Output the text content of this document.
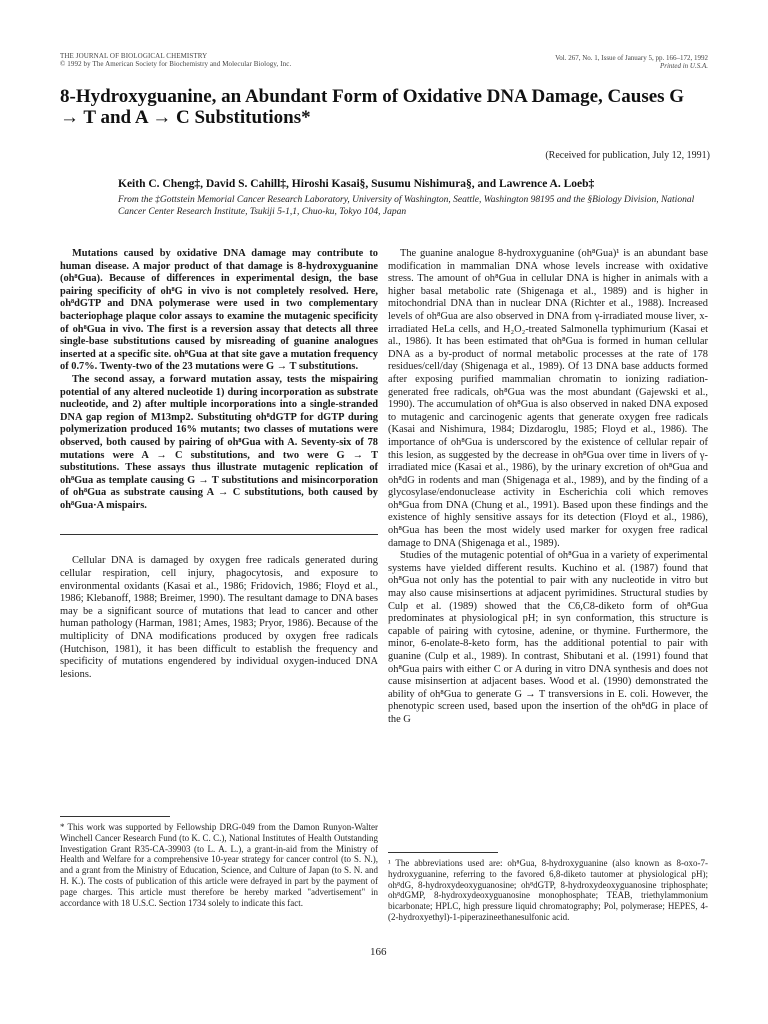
THE JOURNAL OF BIOLOGICAL CHEMISTRY
© 1992 by The American Society for Biochemistry and Molecular Biology, Inc.
Vol. 267, No. 1, Issue of January 5, pp. 166–172, 1992
Printed in U.S.A.
8-Hydroxyguanine, an Abundant Form of Oxidative DNA Damage, Causes G → T and A → C Substitutions*
(Received for publication, July 12, 1991)
Keith C. Cheng‡, David S. Cahill‡, Hiroshi Kasai§, Susumu Nishimura§, and Lawrence A. Loeb‡
From the ‡Gottstein Memorial Cancer Research Laboratory, University of Washington, Seattle, Washington 98195 and the §Biology Division, National Cancer Center Research Institute, Tsukiji 5-1,1, Chuo-ku, Tokyo 104, Japan

Mutations caused by oxidative DNA damage may contribute to human disease. A major product of that damage is 8-hydroxyguanine (oh⁸Gua). Because of differences in experimental design, the base pairing specificity of oh⁸G in vivo is not completely resolved. Here, oh⁸dGTP and DNA polymerase were used in two complementary bacteriophage plaque color assays to examine the mutagenic specificity of oh⁸Gua in vivo. The first is a reversion assay that detects all three single-base substitutions caused by misreading of guanine analogues inserted at a specific site. oh⁸Gua at that site gave a mutation frequency of 0.7%. Twenty-two of the 23 mutations were G → T substitutions.

The second assay, a forward mutation assay, tests the mispairing potential of any altered nucleotide 1) during incorporation as substrate nucleotide, and 2) after multiple incorporations into a single-stranded DNA gap region of M13mp2. Substituting oh⁸dGTP for dGTP during polymerization produced 16% mutants; two classes of mutations were observed, both caused by pairing of oh⁸Gua with A. Seventy-six of 78 mutations were A → C substitutions, and two were G → T substitutions. These assays thus illustrate mutagenic replication of oh⁸Gua as template causing G → T substitutions and misincorporation of oh⁸Gua as substrate causing A → C substitutions, both caused by oh⁸Gua·A mispairs.

Cellular DNA is damaged by oxygen free radicals generated during cellular respiration, cell injury, phagocytosis, and exposure to environmental oxidants (Kasai et al., 1986; Fridovich, 1986; Floyd et al., 1986; Klebanoff, 1988; Breimer, 1990). The resultant damage to DNA bases may be a significant source of mutations that lead to cancer and other human pathology (Harman, 1981; Ames, 1983; Pryor, 1986). Because of the multiplicity of DNA modifications produced by oxygen free radicals (Hutchison, 1981), it has been difficult to establish the frequency and specificity of mutations engendered by individual oxygen-induced DNA lesions.

The guanine analogue 8-hydroxyguanine (oh⁸Gua)¹ is an abundant base modification in mammalian DNA whose levels increase with oxidative stress. The amount of oh⁸Gua in cellular DNA is higher in animals with a higher basal metabolic rate (Shigenaga et al., 1989) and is higher in mitochondrial DNA than in nuclear DNA (Richter et al., 1988). Increased levels of oh⁸Gua are also observed in DNA from γ-irradiated mouse liver, x-irradiated HeLa cells, and H₂O₂-treated Salmonella typhimurium (Kasai et al., 1986). It has been estimated that oh⁸Gua is formed in human cellular DNA as a by-product of normal metabolic processes at the rate of 178 residues/cell/day (Shigenaga et al., 1989). Of 13 DNA base adducts formed after exposing purified mammalian chromatin to ionizing radiation-generated free radicals, oh⁸Gua was the most abundant (Gajewski et al., 1990). The accumulation of oh⁸Gua is also observed in naked DNA exposed to mutagenic and carcinogenic agents that generate oxygen free radicals (Kasai and Nishimura, 1984; Dizdaroglu, 1985; Floyd et al., 1986). The importance of oh⁸Gua is underscored by the existence of cellular repair of this lesion, as suggested by the decrease in oh⁸Gua over time in livers of γ-irradiated mice (Kasai et al., 1986), by the urinary excretion of oh⁸Gua and oh⁸dG in rodents and man (Shigenaga et al., 1989), and by the finding of a glycosylase/endonuclease activity in Escherichia coli which removes oh⁸Gua from DNA (Chung et al., 1991). Based upon these findings and the existence of highly sensitive assays for its detection (Floyd et al., 1986), oh⁸Gua has been the most widely used marker for oxygen free radical damage to DNA (Shigenaga et al., 1989).

Studies of the mutagenic potential of oh⁸Gua in a variety of experimental systems have yielded different results. Kuchino et al. (1987) found that oh⁸Gua not only has the potential to pair with any nucleotide in vitro but may also cause misinsertions at adjacent pyrimidines. Structural studies by Culp et al. (1989) showed that the C6,C8-diketo form of oh⁸Gua predominates at physiological pH; in syn conformation, this structure is capable of pairing with cytosine, adenine, or thymine. Furthermore, the minor, 6-enolate-8-keto form, has the additional potential to pair with guanine (Culp et al., 1989). In contrast, Shibutani et al. (1991) found that oh⁸Gua pairs with either C or A during in vitro DNA synthesis and does not cause misinsertion at adjacent bases. Wood et al. (1990) demonstrated the ability of oh⁸Gua to generate G → T transversions in E. coli. However, the phenotypic screen used, based upon the insertion of the oh⁸dG in place of the G

* This work was supported by Fellowship DRG-049 from the Damon Runyon-Walter Winchell Cancer Research Fund (to K. C. C.), National Institutes of Health Outstanding Investigation Grant R35-CA-39903 (to L. A. L.), a grant-in-aid from the Ministry of Health and Welfare for a comprehensive 10-year strategy for cancer control (to S. N.), and a grant from the Ministry of Education, Science, and Culture of Japan (to S. N. and H. K.). The costs of publication of this article were defrayed in part by the payment of page charges. This article must therefore be hereby marked "advertisement" in accordance with 18 U.S.C. Section 1734 solely to indicate this fact.
¹ The abbreviations used are: oh⁸Gua, 8-hydroxyguanine (also known as 8-oxo-7-hydroxyguanine, referring to the favored 6,8-diketo tautomer at physiological pH); oh⁸dG, 8-hydroxydeoxyguanosine; oh⁸dGTP, 8-hydroxydeoxyguanosine triphosphate; oh⁸dGMP, 8-hydroxydeoxyguanosine monophosphate; TEAB, triethylammonium bicarbonate; HPLC, high pressure liquid chromatography; Pol, polymerase; HEPES, 4-(2-hydroxyethyl)-1-piperazineethanesulfonic acid.
166
